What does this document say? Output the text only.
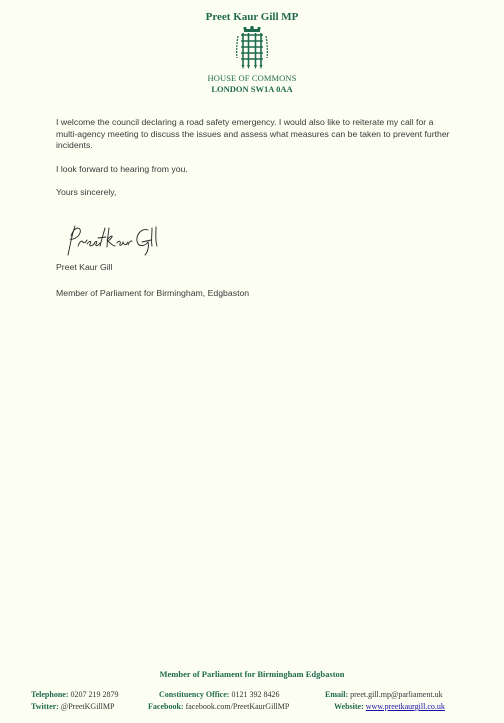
Preet Kaur Gill MP
HOUSE OF COMMONS
LONDON SW1A 0AA

I welcome the council declaring a road safety emergency. I would also like to reiterate my call for a multi-agency meeting to discuss the issues and assess what measures can be taken to prevent further incidents.

I look forward to hearing from you.

Yours sincerely,

Preet Kaur Gill
Member of Parliament for Birmingham, Edgbaston
Member of Parliament for Birmingham Edgbaston
Telephone: 0207 219 2879	Constituency Office: 0121 392 8426	Email: preet.gill.mp@parliament.uk
Twitter: @PreetKGillMP	Facebook: facebook.com/PreetKaurGillMP	Website: www.preetkaurgill.co.uk
